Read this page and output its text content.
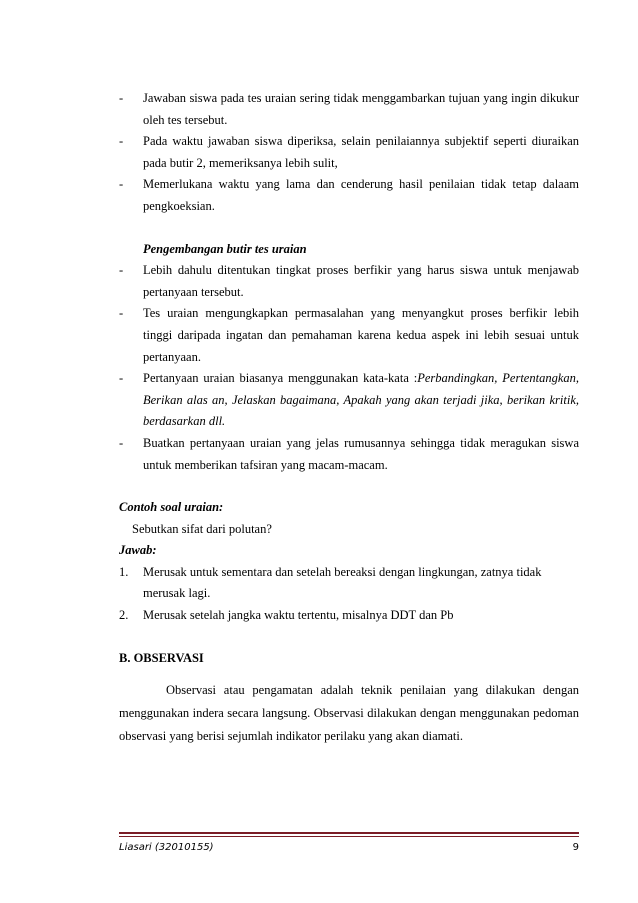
- Jawaban siswa pada tes uraian sering tidak menggambarkan tujuan yang ingin dikukur oleh tes tersebut.
- Pada waktu jawaban siswa diperiksa, selain penilaiannya subjektif seperti diuraikan pada butir 2, memeriksanya lebih sulit,
- Memerlukana waktu yang lama dan cenderung hasil penilaian tidak tetap dalaam pengkoeksian.
Pengembangan butir tes uraian
- Lebih dahulu ditentukan tingkat proses berfikir yang harus siswa untuk menjawab pertanyaan tersebut.
- Tes uraian mengungkapkan permasalahan yang menyangkut proses berfikir lebih tinggi daripada ingatan dan pemahaman karena kedua aspek ini lebih sesuai untuk pertanyaan.
- Pertanyaan uraian biasanya menggunakan kata-kata :Perbandingkan, Pertentangkan, Berikan alas an, Jelaskan bagaimana, Apakah yang akan terjadi jika, berikan kritik, berdasarkan dll.
- Buatkan pertanyaan uraian yang jelas rumusannya sehingga tidak meragukan siswa untuk memberikan tafsiran yang macam-macam.
Contoh soal uraian:
Sebutkan sifat dari polutan?
Jawab:
1. Merusak untuk sementara dan setelah bereaksi dengan lingkungan, zatnya tidak merusak lagi.
2. Merusak setelah jangka waktu tertentu, misalnya DDT dan Pb
B. OBSERVASI
Observasi atau pengamatan adalah teknik penilaian yang dilakukan dengan menggunakan indera secara langsung. Observasi dilakukan dengan menggunakan pedoman observasi yang berisi sejumlah indikator perilaku yang akan diamati.
Liasari (32010155)	9
